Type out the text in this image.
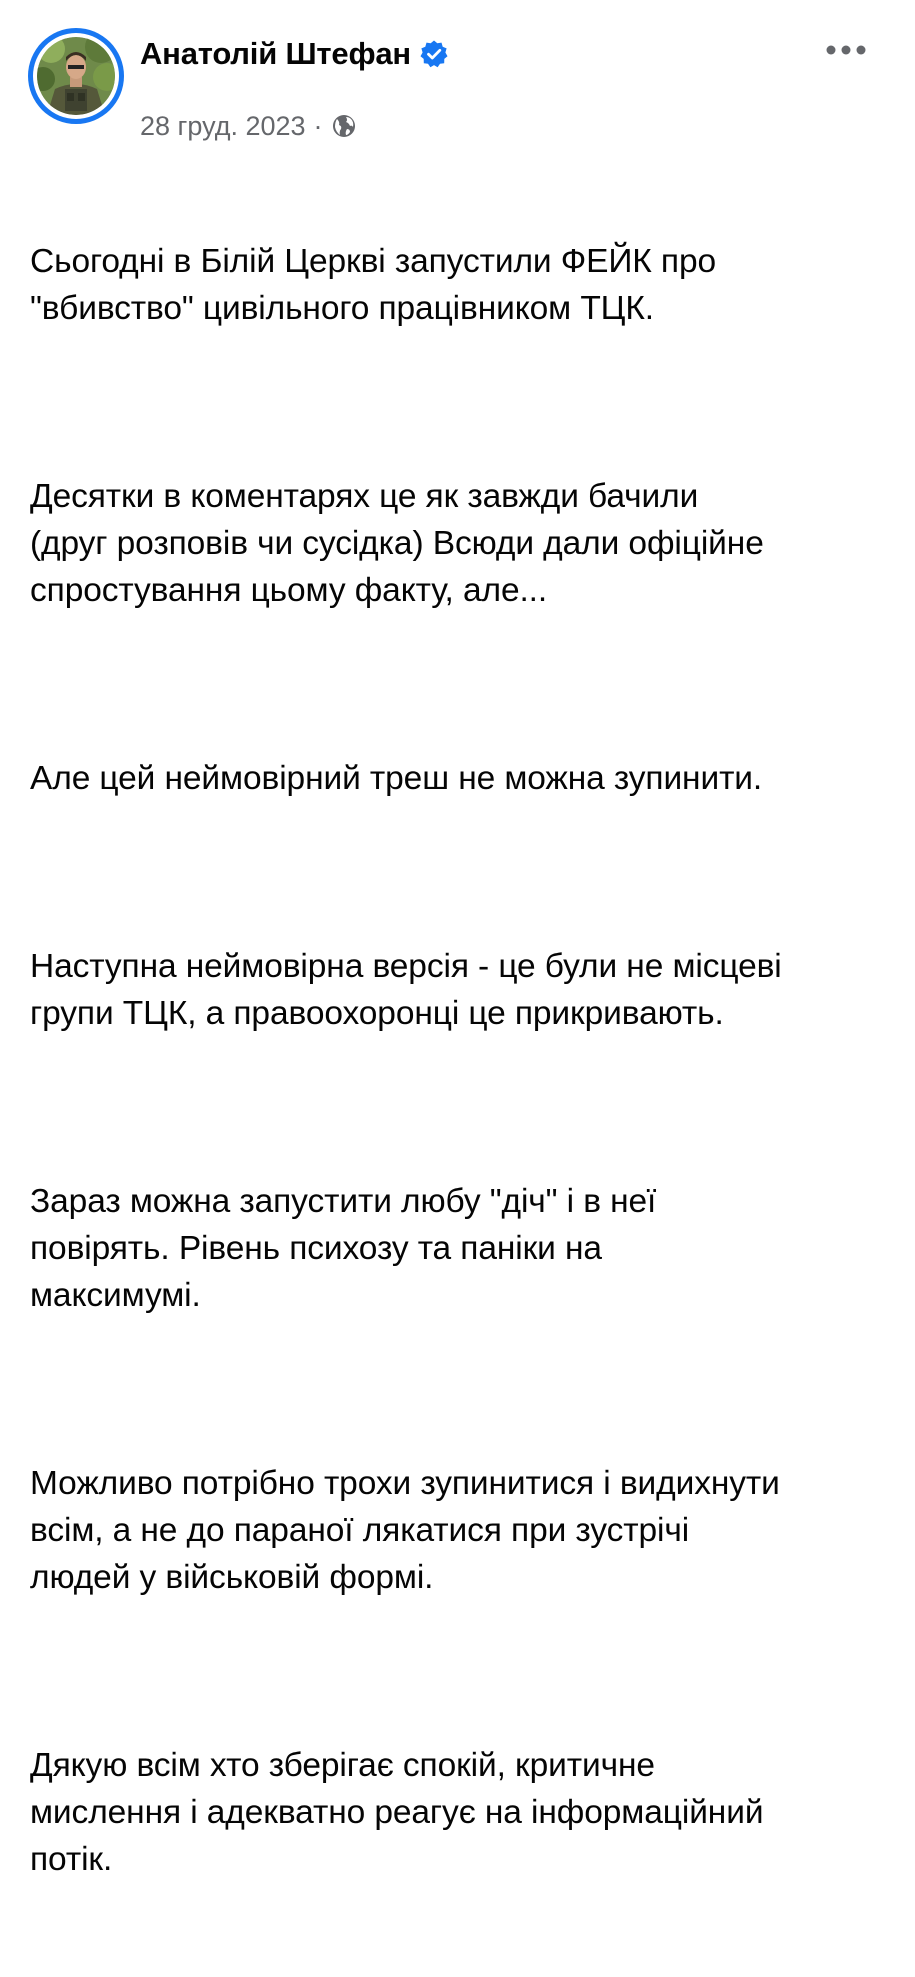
Анатолій Штефан
28 груд. 2023 ·

Сьогодні в Білій Церкві запустили ФЕЙК про
"вбивство" цивільного працівником ТЦК.

Десятки в коментарях це як завжди бачили
(друг розповів чи сусідка) Всюди дали офіційне
спростування цьому факту, але...

Але цей неймовірний треш не можна зупинити.

Наступна неймовірна версія - це були не місцеві
групи ТЦК, а правоохоронці це прикривають.

Зараз можна запустити любу "діч" і в неї
повірять. Рівень психозу та паніки на
максимумі.

Можливо потрібно трохи зупинитися і видихнути
всім, а не до параної лякатися при зустрічі
людей у військовій формі.

Дякую всім хто зберігає спокій, критичне
мислення і адекватно реагує на інформаційний
потік.
